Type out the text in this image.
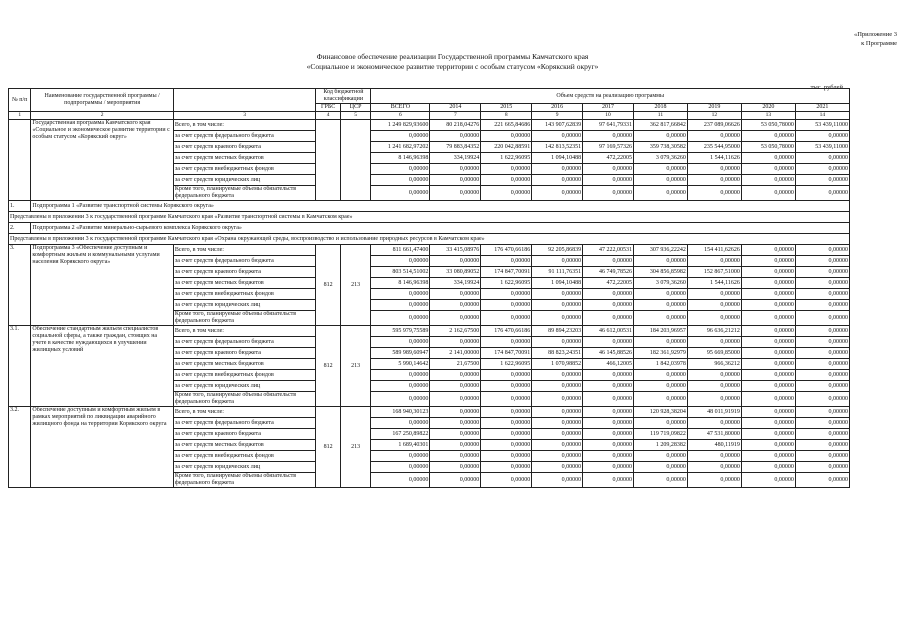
«Приложение 3
к Программе
Финансовое обеспечение реализации Государственной программы Камчатского края
«Социальное и экономическое развитие территории с особым статусом «Корякский округ»
тыс. рублей
№ п/п	Наименование государственной программы / подпрограммы / мероприятия		Код бюджетной классификации		Объем средств на реализацию программы								
			ГРБС	ЦСР	ВСЕГО	2014	2015	2016	2017	2018	2019	2020	2021
1	2	3	4	5	6	7	8	9	10	11	12	13	14
	Государственная программа Камчатского края «Социальное и экономическое развитие территории с особым статусом «Корякский округ»	Всего, в том числе:			1 249 829,93600	80 218,04276	221 665,84686	143 907,62839	97 641,79331	362 817,66842	237 089,06626	53 050,78000	53 439,11000
		за счет средств федерального бюджета			0,00000	0,00000	0,00000	0,00000	0,00000	0,00000	0,00000	0,00000	0,00000
		за счет средств краевого бюджета			1 241 682,97202	79 883,84352	220 042,88591	142 813,52351	97 169,57326	359 738,30582	235 544,95000	53 050,78000	53 439,11000
		за счет средств местных бюджетов			8 146,96398	334,19924	1 622,96095	1 094,10488	472,22005	3 079,36260	1 544,11626	0,00000	0,00000
		за счет средств внебюджетных фондов			0,00000	0,00000	0,00000	0,00000	0,00000	0,00000	0,00000	0,00000	0,00000
		за счет средств юридических лиц			0,00000	0,00000	0,00000	0,00000	0,00000	0,00000	0,00000	0,00000	0,00000
		Кроме того, планируемые объемы обязательств федерального бюджета			0,00000	0,00000	0,00000	0,00000	0,00000	0,00000	0,00000	0,00000	0,00000
1.	Подпрограмма 1 «Развитие транспортной системы Корякского округа»												
Представлены в приложении 3 к государственной программе Камчатского края «Развитие транспортной системы в Камчатском крае»													
2.	Подпрограмма 2 «Развитие минерально-сырьевого комплекса Корякского округа»												
Представлены в приложении 3 к государственной программе Камчатского края «Охрана окружающей среды, воспроизводство и использование природных ресурсов в Камчатском крае»													
3.	Подпрограмма 3 «Обеспечение доступным и комфортным жильем и коммунальными услугами населения Корякского округа»	Всего, в том числе:	812	213	811 661,47400	33 415,08976	176 470,66186	92 205,86839	47 222,00531	307 936,22242	154 411,62626	0,00000	0,00000
		за счет средств федерального бюджета			0,00000	0,00000	0,00000	0,00000	0,00000	0,00000	0,00000	0,00000	0,00000
		за счет средств краевого бюджета			803 514,51002	33 080,89052	174 847,70091	91 111,76351	46 749,78526	304 856,85982	152 867,51000	0,00000	0,00000
		за счет средств местных бюджетов			8 146,96398	334,19924	1 622,96095	1 094,10488	472,22005	3 079,36260	1 544,11626	0,00000	0,00000
		за счет средств внебюджетных фондов			0,00000	0,00000	0,00000	0,00000	0,00000	0,00000	0,00000	0,00000	0,00000
		за счет средств юридических лиц			0,00000	0,00000	0,00000	0,00000	0,00000	0,00000	0,00000	0,00000	0,00000
		Кроме того, планируемые объемы обязательств федерального бюджета			0,00000	0,00000	0,00000	0,00000	0,00000	0,00000	0,00000	0,00000	0,00000
3.1.	Обеспечение стандартным жильем специалистов социальной сферы, а также граждан, стоящих на учете в качестве нуждающихся в улучшении жилищных условий	Всего, в том числе:	812	213	595 979,75589	2 162,67500	176 470,66186	89 894,23203	46 612,00531	184 203,96957	96 636,21212	0,00000	0,00000
		за счет средств федерального бюджета			0,00000	0,00000	0,00000	0,00000	0,00000	0,00000	0,00000	0,00000	0,00000
		за счет средств краевого бюджета			589 989,60947	2 141,00000	174 847,70091	88 823,24351	46 145,88526	182 361,92979	95 669,85000	0,00000	0,00000
		за счет средств местных бюджетов			5 990,14642	21,67500	1 622,96095	1 070,98852	466,12005	1 842,03978	966,36212	0,00000	0,00000
		за счет средств внебюджетных фондов			0,00000	0,00000	0,00000	0,00000	0,00000	0,00000	0,00000	0,00000	0,00000
		за счет средств юридических лиц			0,00000	0,00000	0,00000	0,00000	0,00000	0,00000	0,00000	0,00000	0,00000
		Кроме того, планируемые объемы обязательств федерального бюджета			0,00000	0,00000	0,00000	0,00000	0,00000	0,00000	0,00000	0,00000	0,00000
3.2.	Обеспечение доступным и комфортным жильем в рамках мероприятий по ликвидации аварийного жилищного фонда на территории Корякского округа	Всего, в том числе:	812	213	168 940,30123	0,00000	0,00000	0,00000	0,00000	120 928,38204	48 011,91919	0,00000	0,00000
		за счет средств федерального бюджета			0,00000	0,00000	0,00000	0,00000	0,00000	0,00000	0,00000	0,00000	0,00000
		за счет средств краевого бюджета			167 250,89822	0,00000	0,00000	0,00000	0,00000	119 719,09822	47 531,80000	0,00000	0,00000
		за счет средств местных бюджетов			1 689,40301	0,00000	0,00000	0,00000	0,00000	1 209,28382	480,11919	0,00000	0,00000
		за счет средств внебюджетных фондов			0,00000	0,00000	0,00000	0,00000	0,00000	0,00000	0,00000	0,00000	0,00000
		за счет средств юридических лиц			0,00000	0,00000	0,00000	0,00000	0,00000	0,00000	0,00000	0,00000	0,00000
		Кроме того, планируемые объемы обязательств федерального бюджета			0,00000	0,00000	0,00000	0,00000	0,00000	0,00000	0,00000	0,00000	0,00000
